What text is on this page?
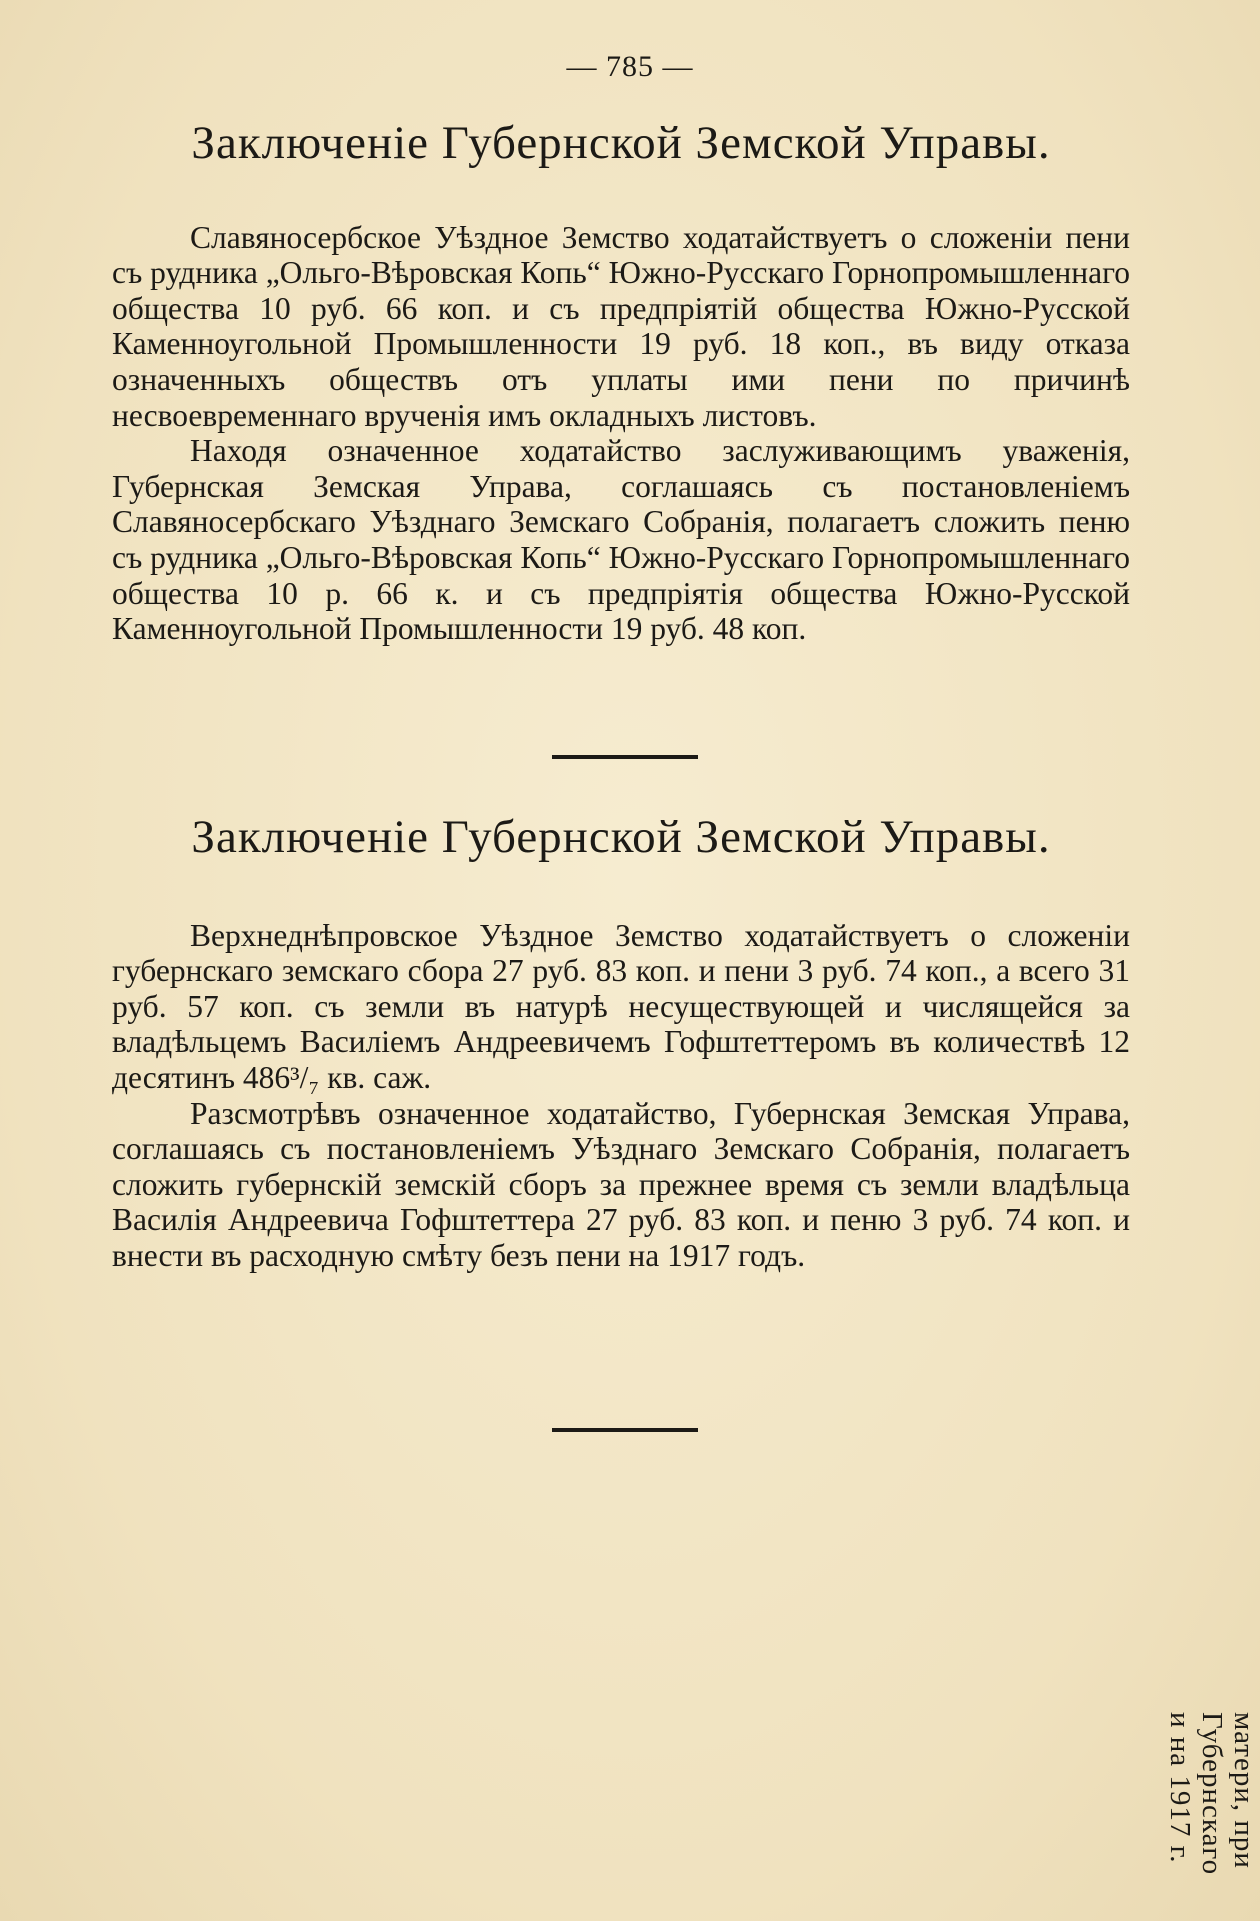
— 785 —
Заключеніе Губернской Земской Управы.

Славяносербское Уѣздное Земство ходатайствуетъ о сложеніи пени съ рудника „Ольго-Вѣровская Копь“ Южно-Русскаго Горнопромышленнаго общества 10 руб. 66 коп. и съ предпріятій общества Южно-Русской Каменноугольной Промышленности 19 руб. 18 коп., въ виду отказа означенныхъ обществъ отъ уплаты ими пени по причинѣ несвоевременнаго врученія имъ окладныхъ листовъ.

Находя означенное ходатайство заслуживающимъ уваженія, Губернская Земская Управа, соглашаясь съ постановленіемъ Славяносербскаго Уѣзднаго Земскаго Собранія, полагаетъ сложить пеню съ рудника „Ольго-Вѣровская Копь“ Южно-Русскаго Горнопромышленнаго общества 10 р. 66 к. и съ предпріятія общества Южно-Русской Каменноугольной Промышленности 19 руб. 48 коп.

Заключеніе Губернской Земской Управы.

Верхнеднѣпровское Уѣздное Земство ходатайствуетъ о сложеніи губернскаго земскаго сбора 27 руб. 83 коп. и пени 3 руб. 74 коп., а всего 31 руб. 57 коп. съ земли въ натурѣ несуществующей и числящейся за владѣльцемъ Василіемъ Андреевичемъ Гофштеттеромъ въ количествѣ 12 десятинъ 486³/₇ кв. саж.

Разсмотрѣвъ означенное ходатайство, Губернская Земская Управа, соглашаясь съ постановленіемъ Уѣзднаго Земскаго Собранія, полагаетъ сложить губернскій земскій сборъ за прежнее время съ земли владѣльца Василія Андреевича Гофштеттера 27 руб. 83 коп. и пеню 3 руб. 74 коп. и внести въ расходную смѣту безъ пени на 1917 годъ.

матери, при
Губернскаго
и на 1917 г.
